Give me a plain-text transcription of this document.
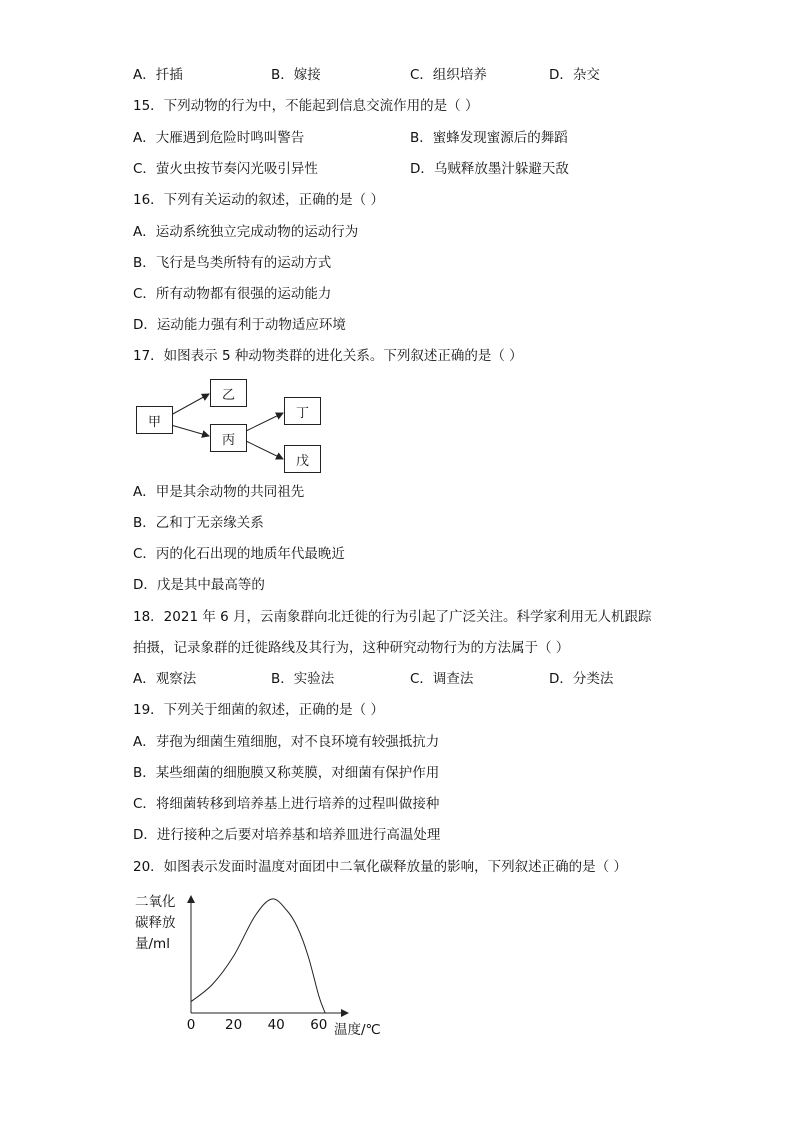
A．扦插	B．嫁接	C．组织培养	D．杂交
15．下列动物的行为中，不能起到信息交流作用的是（ ）
A．大雁遇到危险时鸣叫警告	B．蜜蜂发现蜜源后的舞蹈
C．萤火虫按节奏闪光吸引异性	D．乌贼释放墨汁躲避天敌
16．下列有关运动的叙述，正确的是（ ）
A．运动系统独立完成动物的运动行为
B．飞行是鸟类所特有的运动方式
C．所有动物都有很强的运动能力
D．运动能力强有利于动物适应环境
17．如图表示 5 种动物类群的进化关系。下列叙述正确的是（ ）
甲
乙
丙
丁
戊
A．甲是其余动物的共同祖先
B．乙和丁无亲缘关系
C．丙的化石出现的地质年代最晚近
D．戊是其中最高等的
18．2021 年 6 月，云南象群向北迁徙的行为引起了广泛关注。科学家利用无人机跟踪
拍摄，记录象群的迁徙路线及其行为，这种研究动物行为的方法属于（ ）
A．观察法	B．实验法	C．调查法	D．分类法
19．下列关于细菌的叙述，正确的是（ ）
A．芽孢为细菌生殖细胞，对不良环境有较强抵抗力
B．某些细菌的细胞膜又称荚膜，对细菌有保护作用
C．将细菌转移到培养基上进行培养的过程叫做接种
D．进行接种之后要对培养基和培养皿进行高温处理
20．如图表示发面时温度对面团中二氧化碳释放量的影响，下列叙述正确的是（ ）
二氧化
碳释放
量/ml
0	20	40	60 温度/℃
